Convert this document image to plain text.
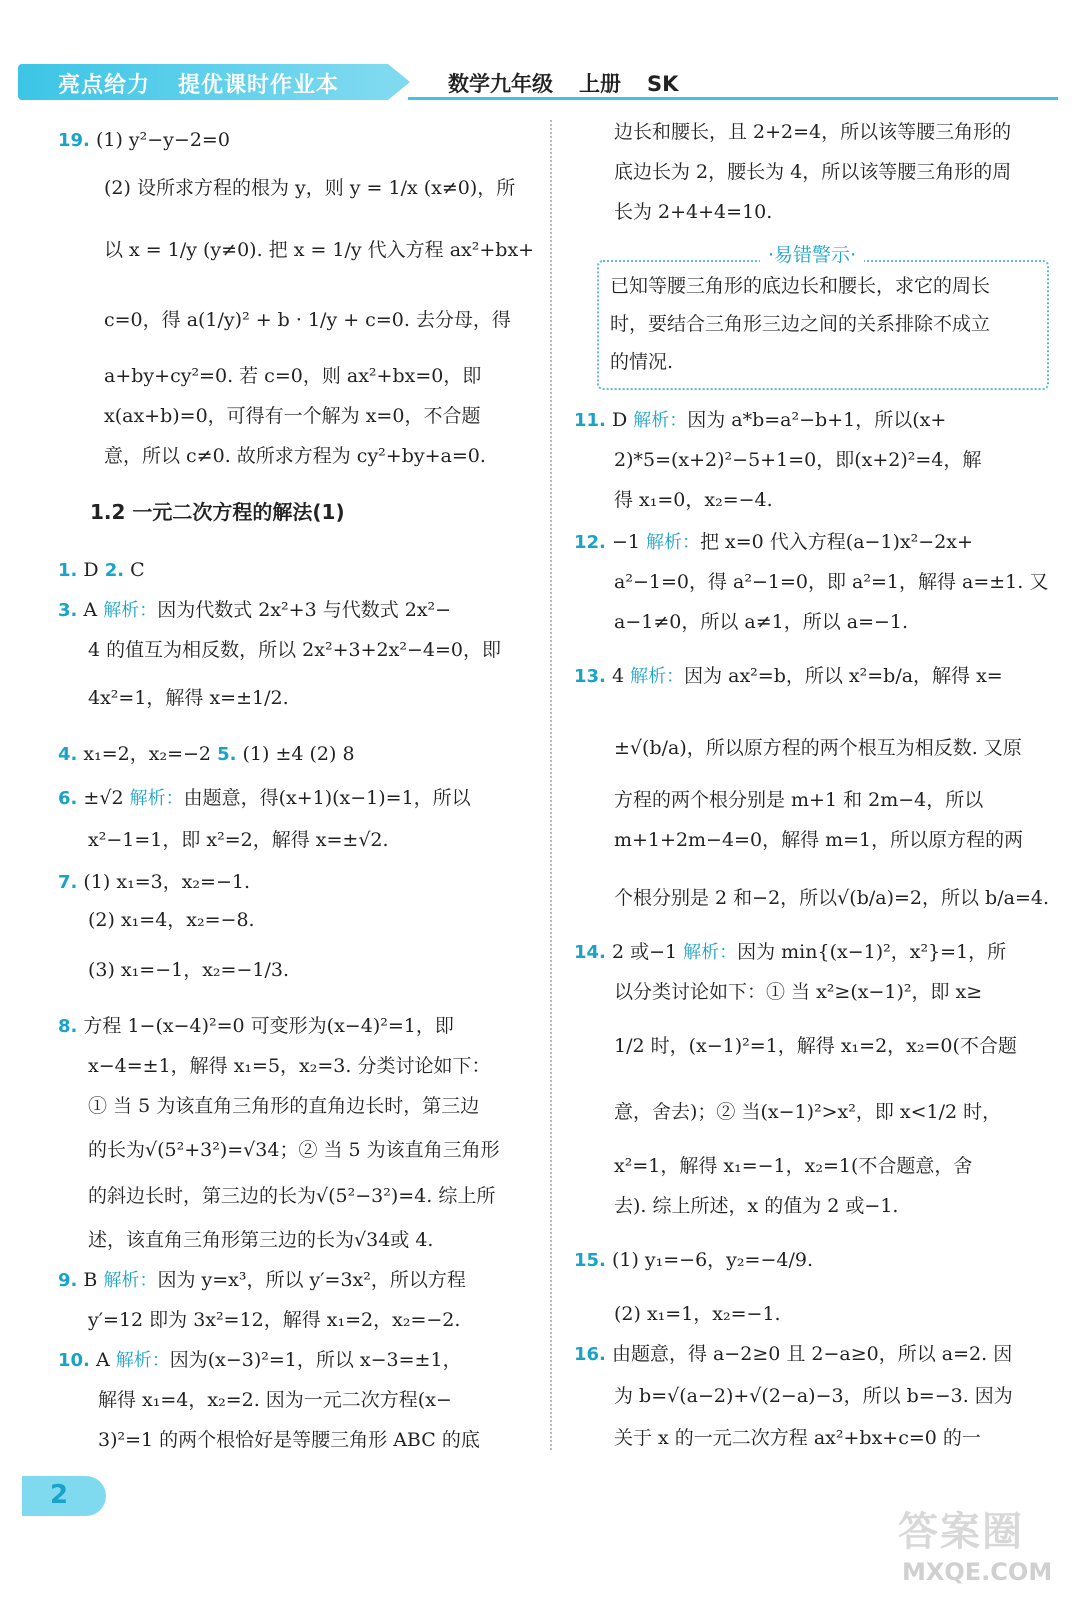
亮点给力 提优课时作业本	数学九年级 上册 SK
19. (1) y²−y−2=0
(2) 设所求方程的根为 y，则 y = 1/x (x≠0)，所
以 x = 1/y (y≠0). 把 x = 1/y 代入方程 ax²+bx+
c=0，得 a(1/y)² + b · 1/y + c=0. 去分母，得
a+by+cy²=0. 若 c=0，则 ax²+bx=0，即
x(ax+b)=0，可得有一个解为 x=0，不合题
意，所以 c≠0. 故所求方程为 cy²+by+a=0.
1. D 2. C
3. A 解析：因为代数式 2x²+3 与代数式 2x²−
4 的值互为相反数，所以 2x²+3+2x²−4=0，即
4x²=1，解得 x=±1/2.
4. x₁=2，x₂=−2 5. (1) ±4 (2) 8
6. ±√2 解析：由题意，得(x+1)(x−1)=1，所以
x²−1=1，即 x²=2，解得 x=±√2.
7. (1) x₁=3，x₂=−1.
(2) x₁=4，x₂=−8.
(3) x₁=−1，x₂=−1/3.
8. 方程 1−(x−4)²=0 可变形为(x−4)²=1，即
x−4=±1，解得 x₁=5，x₂=3. 分类讨论如下：
① 当 5 为该直角三角形的直角边长时，第三边
的长为√(5²+3²)=√34；② 当 5 为该直角三角形
的斜边长时，第三边的长为√(5²−3²)=4. 综上所
述，该直角三角形第三边的长为√34或 4.
9. B 解析：因为 y=x³，所以 y′=3x²，所以方程
y′=12 即为 3x²=12，解得 x₁=2，x₂=−2.
10. A 解析：因为(x−3)²=1，所以 x−3=±1，
解得 x₁=4，x₂=2. 因为一元二次方程(x−
3)²=1 的两个根恰好是等腰三角形 ABC 的底
1.2 一元二次方程的解法(1)
·易错警示·
边长和腰长，且 2+2=4，所以该等腰三角形的
底边长为 2，腰长为 4，所以该等腰三角形的周
长为 2+4+4=10.
已知等腰三角形的底边长和腰长，求它的周长
时，要结合三角形三边之间的关系排除不成立
的情况.
11. D 解析：因为 a*b=a²−b+1，所以(x+
2)*5=(x+2)²−5+1=0，即(x+2)²=4，解
得 x₁=0，x₂=−4.
12. −1 解析：把 x=0 代入方程(a−1)x²−2x+
a²−1=0，得 a²−1=0，即 a²=1，解得 a=±1. 又
a−1≠0，所以 a≠1，所以 a=−1.
13. 4 解析：因为 ax²=b，所以 x²=b/a，解得 x=
±√(b/a)，所以原方程的两个根互为相反数. 又原
方程的两个根分别是 m+1 和 2m−4，所以
m+1+2m−4=0，解得 m=1，所以原方程的两
个根分别是 2 和−2，所以√(b/a)=2，所以 b/a=4.
14. 2 或−1 解析：因为 min{(x−1)²，x²}=1，所
以分类讨论如下：① 当 x²≥(x−1)²，即 x≥
1/2 时，(x−1)²=1，解得 x₁=2，x₂=0(不合题
意，舍去)；② 当(x−1)²>x²，即 x<1/2 时，
x²=1，解得 x₁=−1，x₂=1(不合题意，舍
去). 综上所述，x 的值为 2 或−1.
15. (1) y₁=−6，y₂=−4/9.
(2) x₁=1，x₂=−1.
16. 由题意，得 a−2≥0 且 2−a≥0，所以 a=2. 因
为 b=√(a−2)+√(2−a)−3，所以 b=−3. 因为
关于 x 的一元二次方程 ax²+bx+c=0 的一
2
答案圈
MXQE.COM
